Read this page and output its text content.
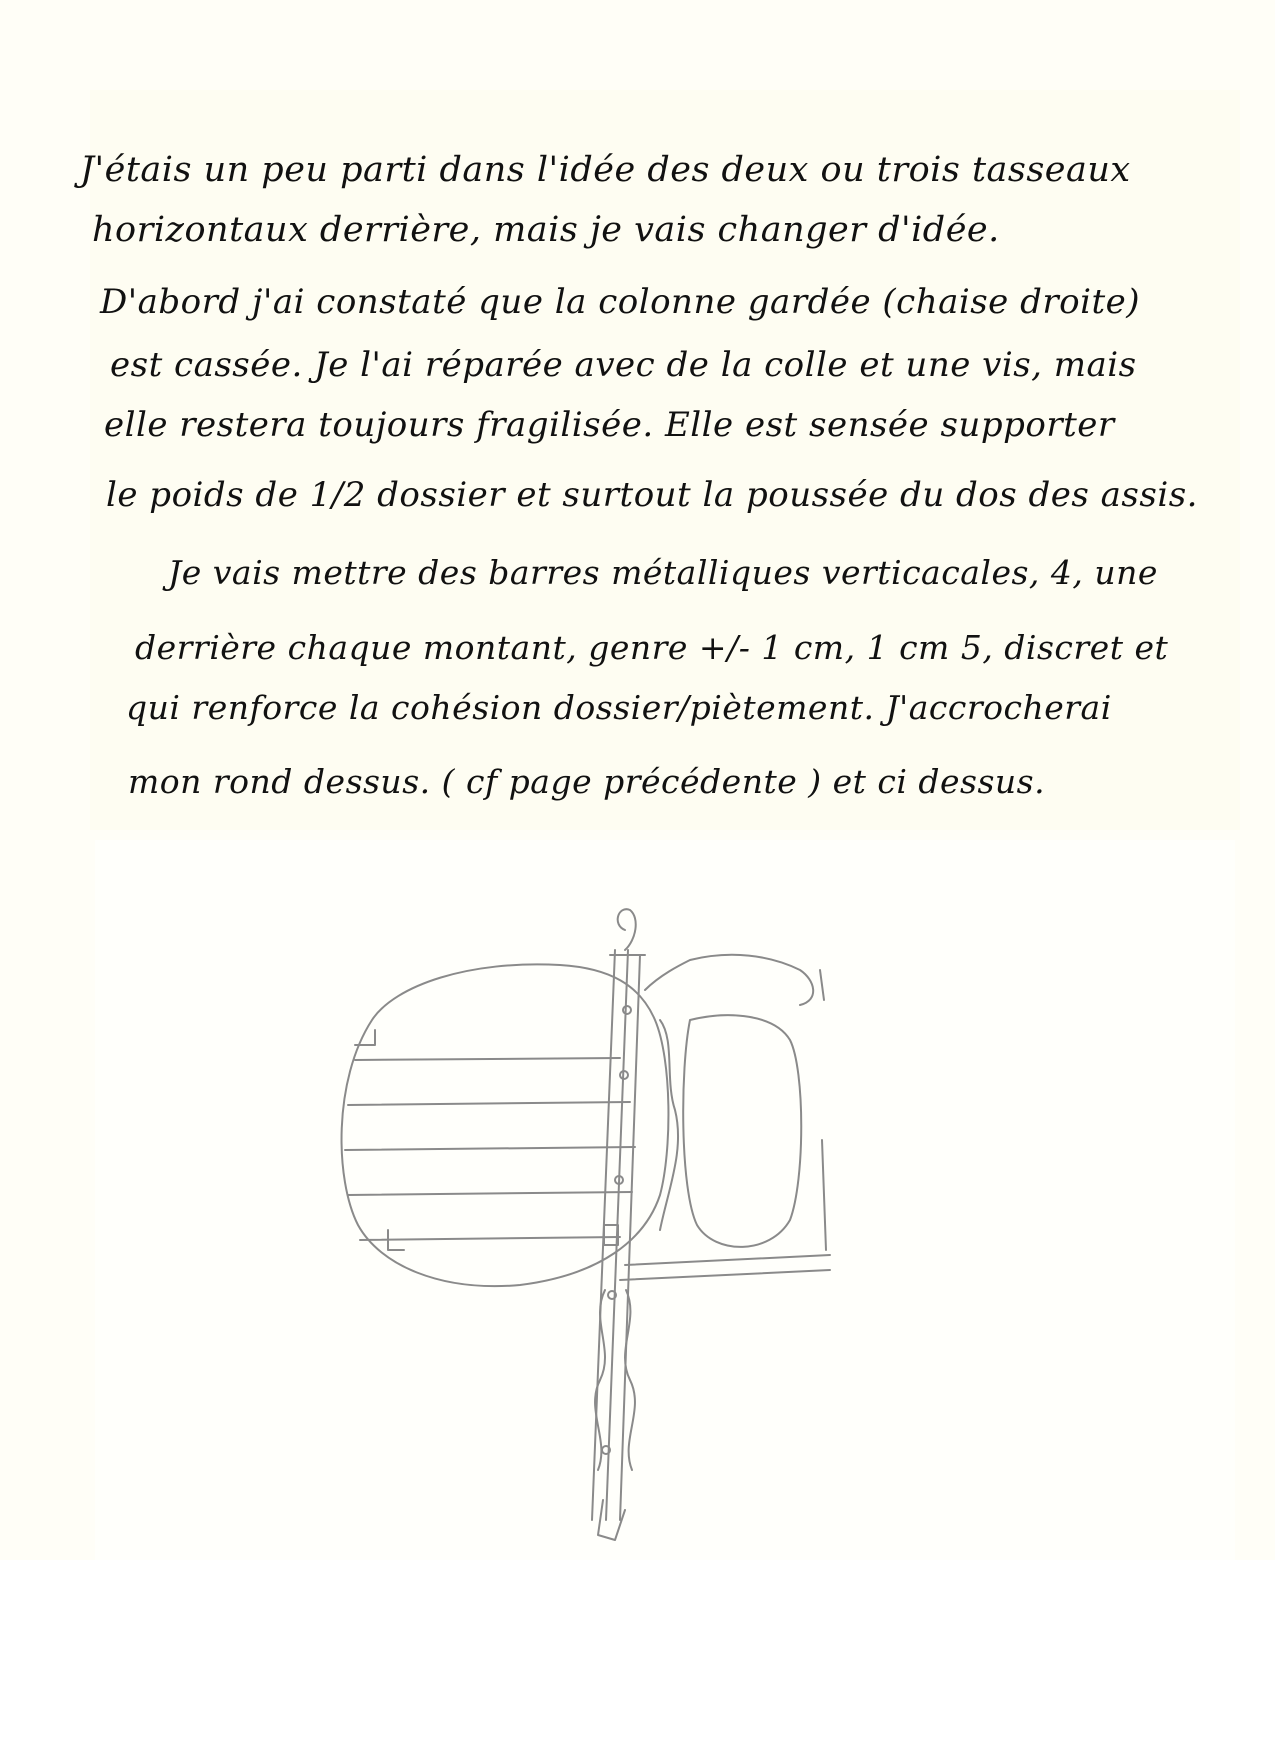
J'étais un peu parti dans l'idée des deux ou trois tasseaux
horizontaux derrière, mais je vais changer d'idée.
D'abord j'ai constaté que la colonne gardée (chaise droite)
est cassée. Je l'ai réparée avec de la colle et une vis, mais
elle restera toujours fragilisée. Elle est sensée supporter
le poids de 1/2 dossier et surtout la poussée du dos des assis.
Je vais mettre des barres métalliques verticacales, 4, une
derrière chaque montant, genre +/- 1 cm, 1 cm 5, discret et
qui renforce la cohésion dossier/piètement. J'accrocherai
mon rond dessus. ( cf page précédente ) et ci dessus.
